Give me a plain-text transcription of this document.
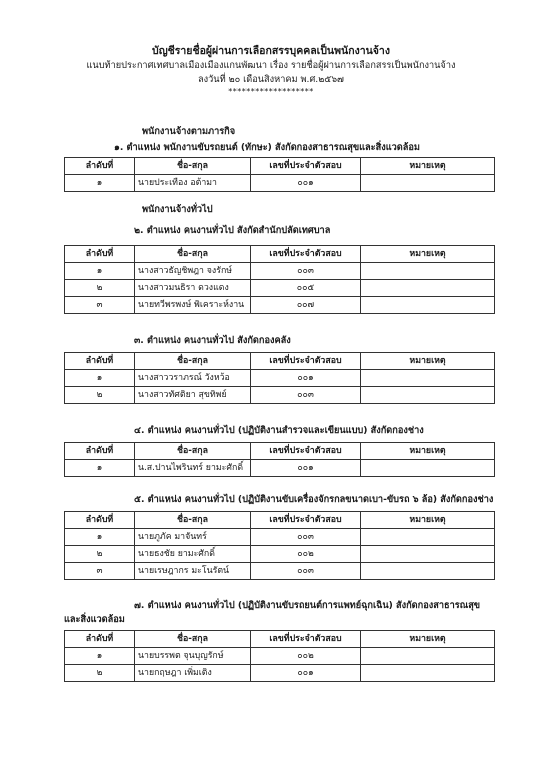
บัญชีรายชื่อผู้ผ่านการเลือกสรรบุคคลเป็นพนักงานจ้าง
แนบท้ายประกาศเทศบาลเมืองเมืองแกนพัฒนา เรื่อง รายชื่อผู้ผ่านการเลือกสรรเป็นพนักงานจ้าง
ลงวันที่ ๒๐ เดือนสิงหาคม พ.ศ.๒๕๖๗
*******************
พนักงานจ้างตามภารกิจ
๑. ตำแหน่ง พนักงานขับรถยนต์ (ทักษะ) สังกัดกองสาธารณสุขและสิ่งแวดล้อม
ลำดับที่	ชื่อ-สกุล	เลขที่ประจำตัวสอบ	หมายเหตุ
๑	นายประเทือง อต้ามา	๐๐๑	
พนักงานจ้างทั่วไป
๒. ตำแหน่ง คนงานทั่วไป สังกัดสำนักปลัดเทศบาล
ลำดับที่	ชื่อ-สกุล	เลขที่ประจำตัวสอบ	หมายเหตุ
๑	นางสาวธัญชิพฎา จงรักษ์	๐๐๓	
๒	นางสาวมนธิรา ดวงแดง	๐๐๕	
๓	นายทวีพรพงษ์ พิเคราะห์งาน	๐๐๗	
๓. ตำแหน่ง คนงานทั่วไป สังกัดกองคลัง
ลำดับที่	ชื่อ-สกุล	เลขที่ประจำตัวสอบ	หมายเหตุ
๑	นางสาววราภรณ์ วังหว้อ	๐๐๑	
๒	นางสาวทัศติยา สุขทิพย์	๐๐๓	
๔. ตำแหน่ง คนงานทั่วไป (ปฏิบัติงานสำรวจและเขียนแบบ) สังกัดกองช่าง
ลำดับที่	ชื่อ-สกุล	เลขที่ประจำตัวสอบ	หมายเหตุ
๑	น.ส.ปานไพรินทร์ ยามะศักดิ์	๐๐๑	
๕. ตำแหน่ง คนงานทั่วไป (ปฏิบัติงานขับเครื่องจักรกลขนาดเบา-ขับรถ ๖ ล้อ) สังกัดกองช่าง
ลำดับที่	ชื่อ-สกุล	เลขที่ประจำตัวสอบ	หมายเหตุ
๑	นายภูภัค มาจันทร์	๐๐๓	
๒	นายธงชัย ยามะศักดิ์	๐๐๒	
๓	นายเรษฎากร มะโนรัตน์	๐๐๓	
๗. ตำแหน่ง คนงานทั่วไป (ปฏิบัติงานขับรถยนต์การแพทย์ฉุกเฉิน) สังกัดกองสาธารณสุข
และสิ่งแวดล้อม
ลำดับที่	ชื่อ-สกุล	เลขที่ประจำตัวสอบ	หมายเหตุ
๑	นายบรรพต จุนบุญรักษ์	๐๐๒	
๒	นายกฤษฎา เพิ่มเติง	๐๐๑	
